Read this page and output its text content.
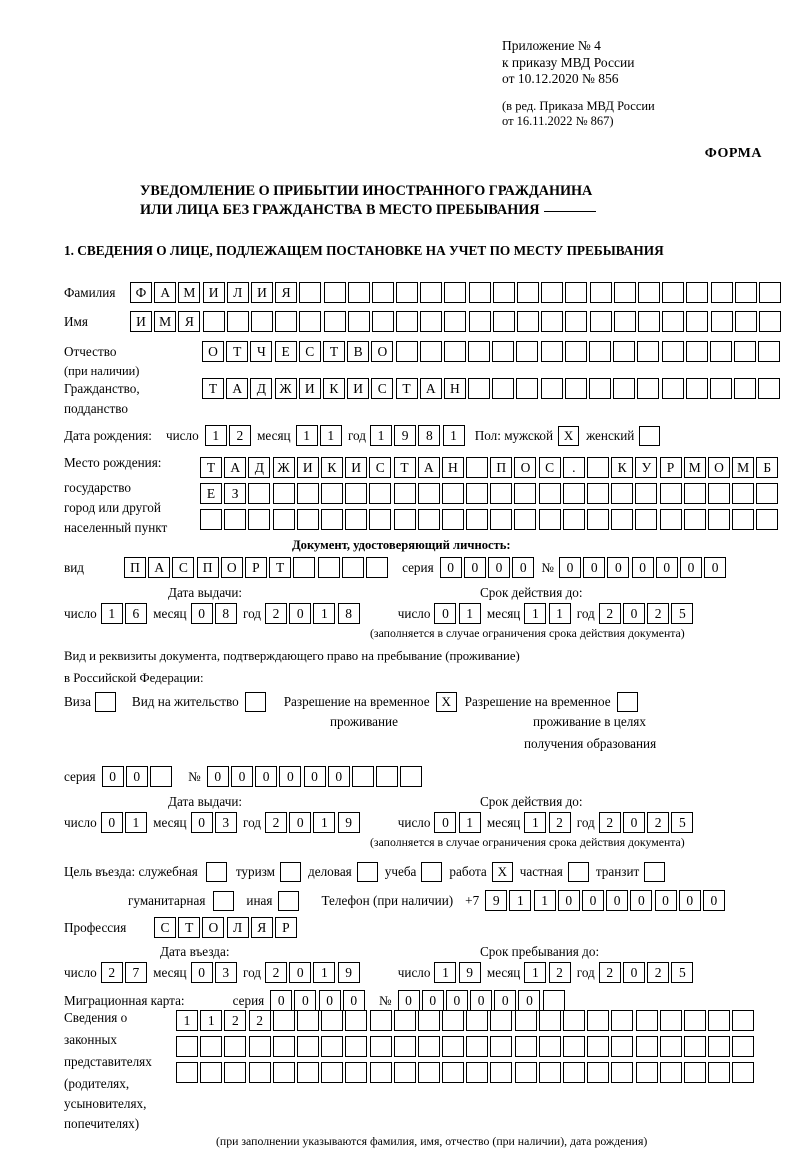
Приложение № 4
к приказу МВД России
от 10.12.2020 № 856
(в ред. Приказа МВД России
от 16.11.2022 № 867)
ФОРМА
УВЕДОМЛЕНИЕ О ПРИБЫТИИ ИНОСТРАННОГО ГРАЖДАНИНА
ИЛИ ЛИЦА БЕЗ ГРАЖДАНСТВА В МЕСТО ПРЕБЫВАНИЯ
1. СВЕДЕНИЯ О ЛИЦЕ, ПОДЛЕЖАЩЕМ ПОСТАНОВКЕ НА УЧЕТ ПО МЕСТУ ПРЕБЫВАНИЯ
Фамилия	Ф	А М И	Л	И	Я
Имя	И М	Я
Отчество	О	Т	Ч	Е	С	Т	В	О
(при наличии)
Гражданство,	Т	А	Д	Ж И	К	И	С	Т	А	Н
подданство
Дата рождения: число	1	2	месяц 1	1	год 1	9	8	1	Пол: мужской X женский
Место рождения:	Т	А	Д	Ж И	К	И	С	Т	А	Н	П	О	С	.	К	У	Р	М О М	Б
государство	Е	З
город или другой
населенный пункт
Документ, удостоверяющий личность:
вид	П	А	С	П	О	Р	Т	серия	0	0	0	0	№ 0	0	0	0	0	0	0
Дата выдачи:	Срок действия до:
число 1	6	месяц 0	8	год 2	0	1	8	число 0	1	месяц 1	1	год 2	0	2	5
(заполняется в случае ограничения срока действия документа)
Вид и реквизиты документа, подтверждающего право на пребывание (проживание)
в Российской Федерации:
Виза	Вид на жительство	Разрешение на временное X	Разрешение на временное
проживание	проживание в целях
получения образования
серия	0	0	№	0	0	0	0	0	0
Дата выдачи:	Срок действия до:
число 0	1	месяц 0	3	год 2	0	1	9	число 0	1	месяц 1	2	год 2	0	2	5
(заполняется в случае ограничения срока действия документа)
Цель въезда: служебная	туризм	деловая	учеба	работа X частная	транзит
гуманитарная	иная	Телефон (при наличии) +7	9	1	1	0	0	0	0	0	0	0
Профессия	С	Т	О	Л	Я	Р
Дата въезда:	Срок пребывания до:
число 2	7	месяц 0	3	год 2	0	1	9	число 1	9	месяц 1	2	год 2	0	2	5
Миграционная карта:	серия	0	0	0	0	№	0	0	0	0	0	0
Сведения о
законных
представителях
(родителях,
усыновителях,
попечителях)
1	1	2	2
(при заполнении указываются фамилия, имя, отчество (при наличии), дата рождения)
